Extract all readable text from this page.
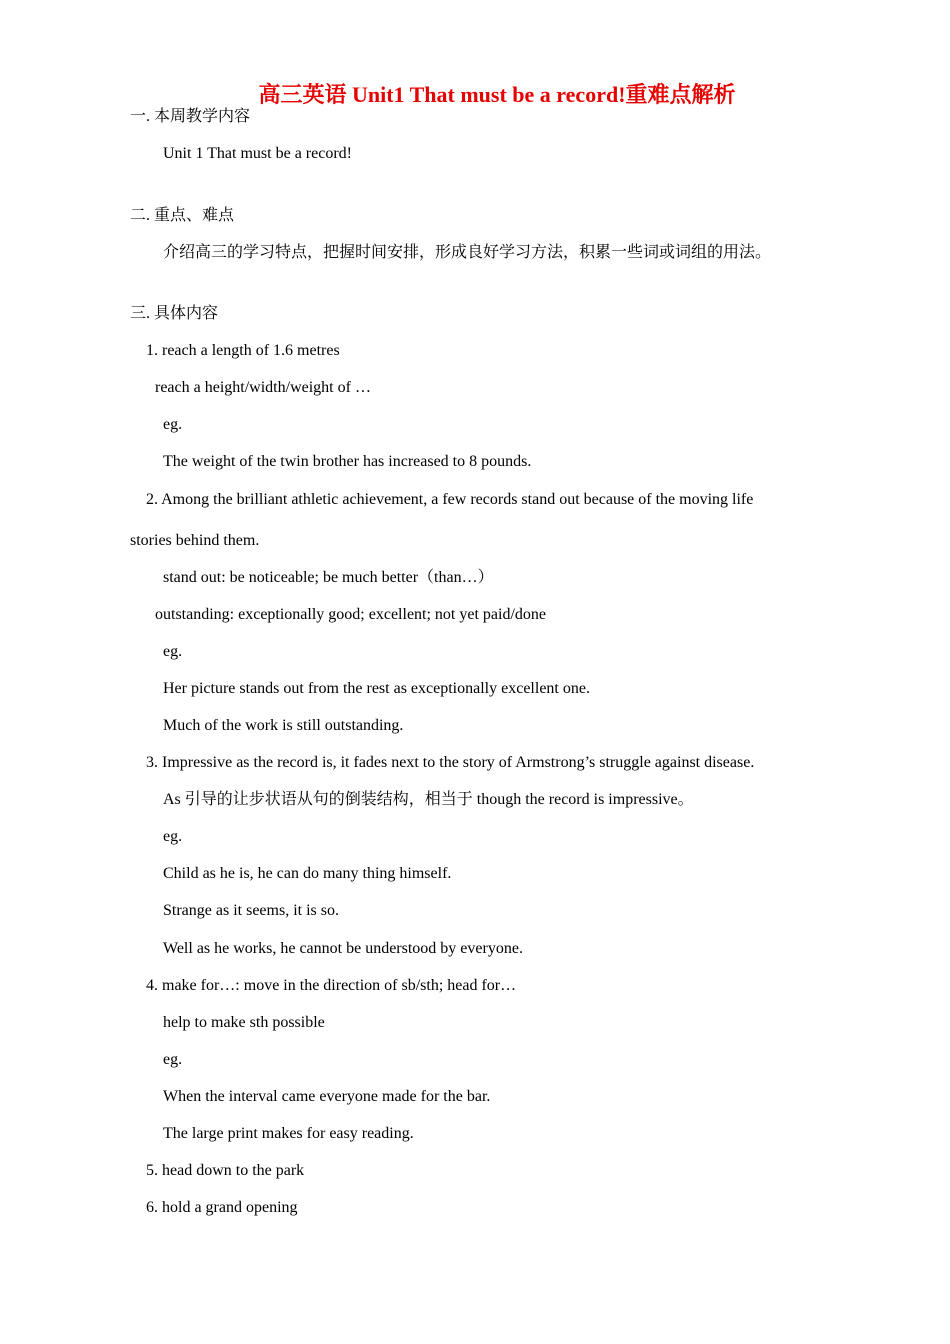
高三英语 Unit1 That must be a record!重难点解析
一. 本周教学内容
Unit 1 That must be a record!
二. 重点、难点
介绍高三的学习特点，把握时间安排，形成良好学习方法，积累一些词或词组的用法。
三. 具体内容
1. reach a length of 1.6 metres
reach a height/width/weight of …
eg.
The weight of the twin brother has increased to 8 pounds.
2. Among the brilliant athletic achievement, a few records stand out because of the moving life
stories behind them.
stand out: be noticeable; be much better（than…）
outstanding: exceptionally good; excellent; not yet paid/done
eg.
Her picture stands out from the rest as exceptionally excellent one.
Much of the work is still outstanding.
3. Impressive as the record is, it fades next to the story of Armstrong’s struggle against disease.
As 引导的让步状语从句的倒装结构，相当于 though the record is impressive。
eg.
Child as he is, he can do many thing himself.
Strange as it seems, it is so.
Well as he works, he cannot be understood by everyone.
4. make for…: move in the direction of sb/sth; head for…
help to make sth possible
eg.
When the interval came everyone made for the bar.
The large print makes for easy reading.
5. head down to the park
6. hold a grand opening
